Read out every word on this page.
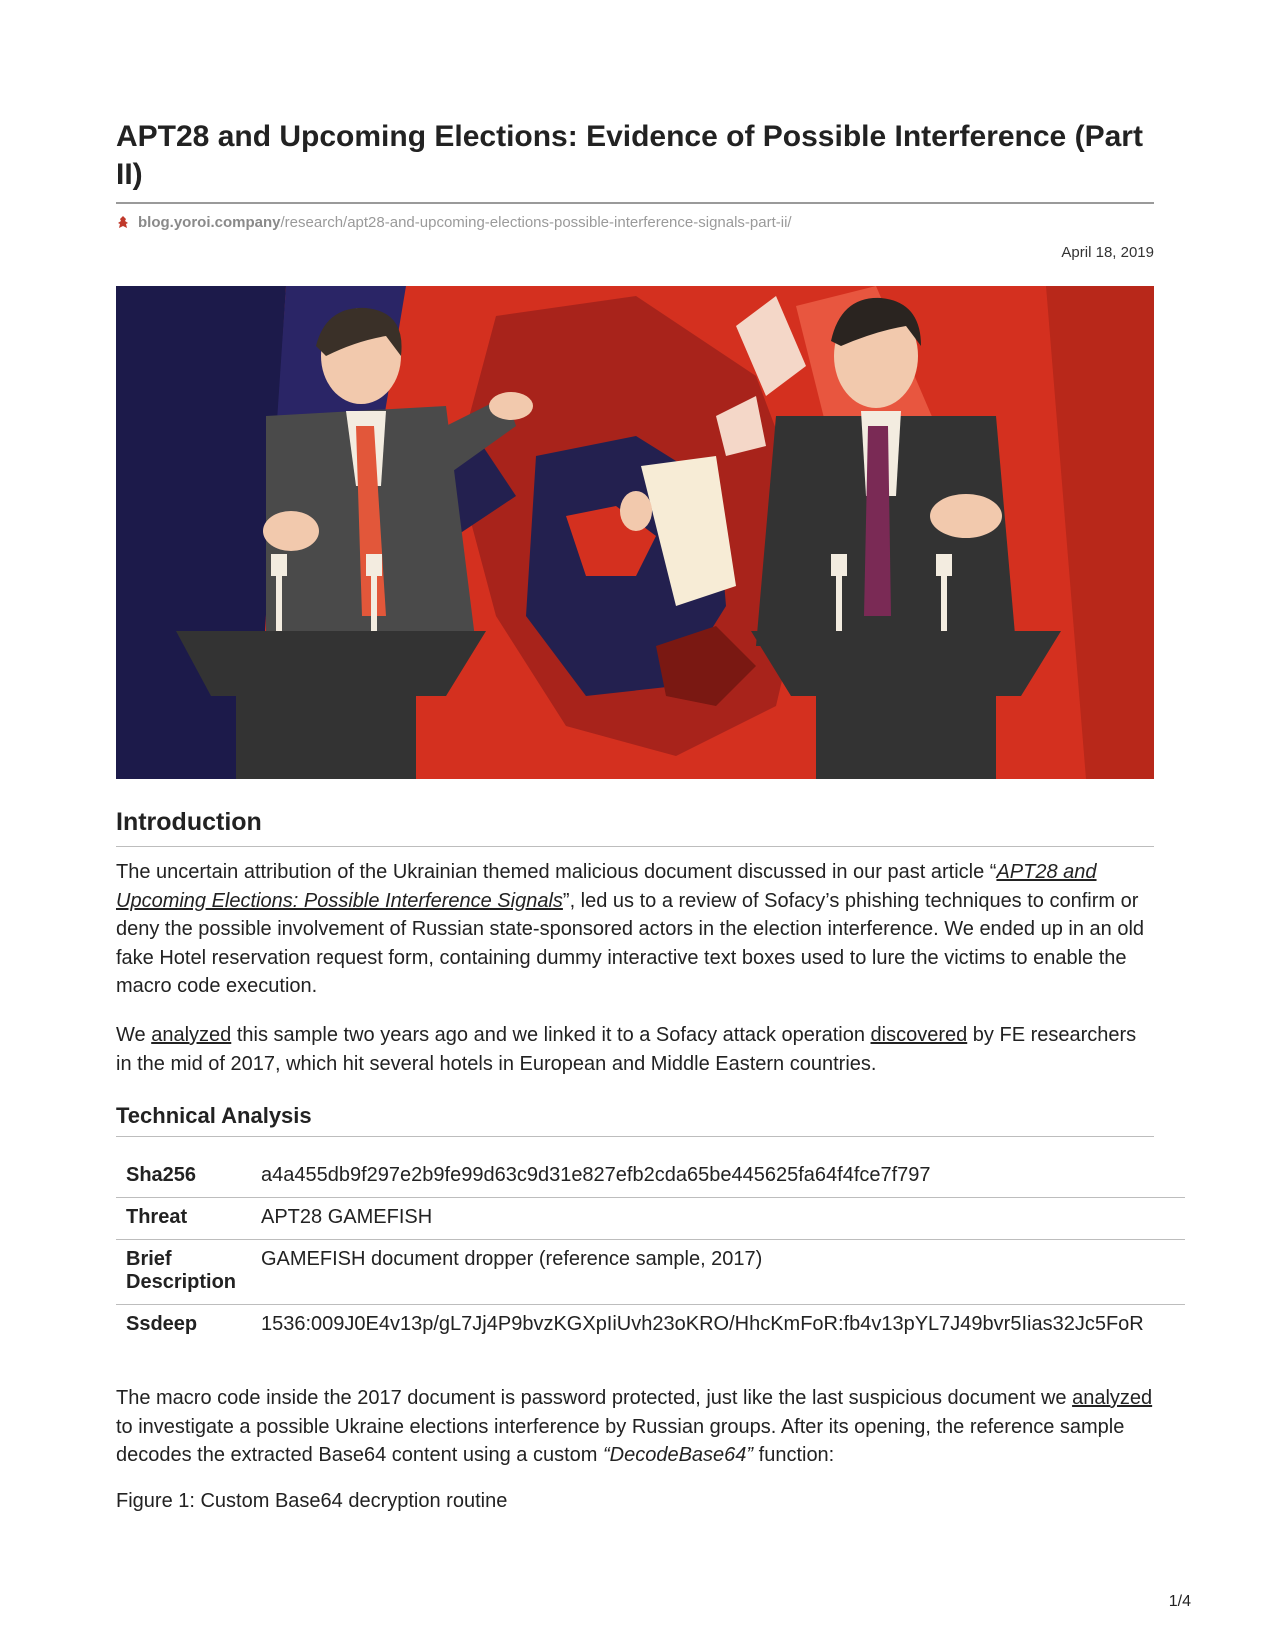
APT28 and Upcoming Elections: Evidence of Possible Interference (Part II)
blog.yoroi.company/research/apt28-and-upcoming-elections-possible-interference-signals-part-ii/
April 18, 2019
Introduction

The uncertain attribution of the Ukrainian themed malicious document discussed in our past article “APT28 and Upcoming Elections: Possible Interference Signals”, led us to a review of Sofacy’s phishing techniques to confirm or deny the possible involvement of Russian state-sponsored actors in the election interference. We ended up in an old fake Hotel reservation request form, containing dummy interactive text boxes used to lure the victims to enable the macro code execution.

We analyzed this sample two years ago and we linked it to a Sofacy attack operation discovered by FE researchers in the mid of 2017, which hit several hotels in European and Middle Eastern countries.

Technical Analysis
Sha256	a4a455db9f297e2b9fe99d63c9d31e827efb2cda65be445625fa64f4fce7f797
Threat	APT28 GAMEFISH
Brief Description	GAMEFISH document dropper (reference sample, 2017)
Ssdeep	1536:009J0E4v13p/gL7Jj4P9bvzKGXpIiUvh23oKRO/HhcKmFoR:fb4v13pYL7J49bvr5Iias32Jc5FoR

The macro code inside the 2017 document is password protected, just like the last suspicious document we analyzed to investigate a possible Ukraine elections interference by Russian groups. After its opening, the reference sample decodes the extracted Base64 content using a custom “DecodeBase64” function:

Figure 1: Custom Base64 decryption routine
1/4
